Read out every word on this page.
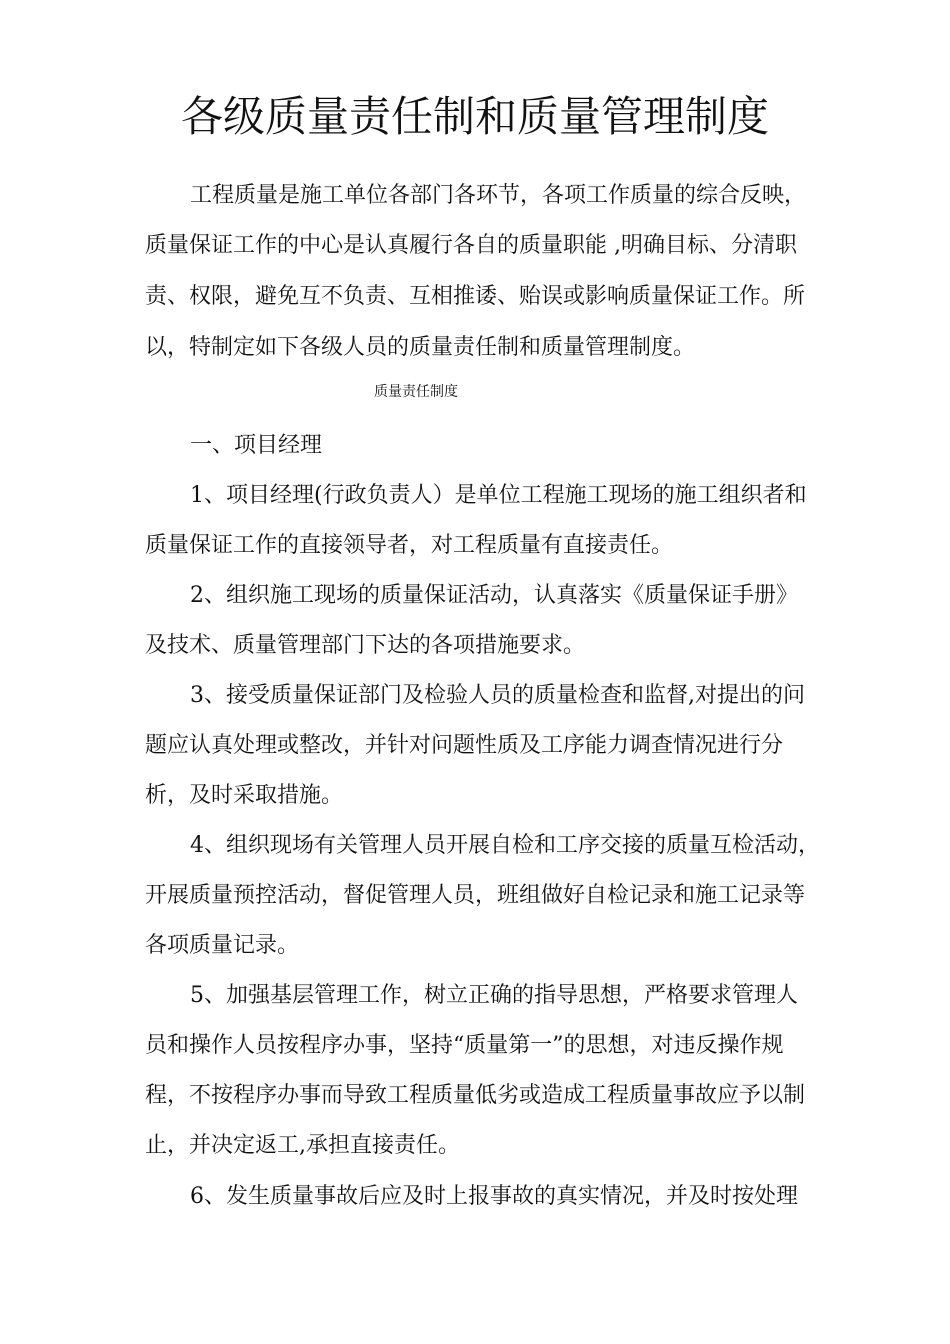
各级质量责任制和质量管理制度
工程质量是施工单位各部门各环节，各项工作质量的综合反映，
质量保证工作的中心是认真履行各自的质量职能 ,明确目标、分清职
责、权限，避免互不负责、互相推诿、贻误或影响质量保证工作。所
以，特制定如下各级人员的质量责任制和质量管理制度。
质量责任制度
一、项目经理
1、项目经理(行政负责人）是单位工程施工现场的施工组织者和
质量保证工作的直接领导者，对工程质量有直接责任。
2、组织施工现场的质量保证活动，认真落实《质量保证手册》
及技术、质量管理部门下达的各项措施要求。
3、接受质量保证部门及检验人员的质量检查和监督,对提出的问
题应认真处理或整改，并针对问题性质及工序能力调查情况进行分
析，及时采取措施。
4、组织现场有关管理人员开展自检和工序交接的质量互检活动，
开展质量预控活动，督促管理人员，班组做好自检记录和施工记录等
各项质量记录。
5、加强基层管理工作，树立正确的指导思想，严格要求管理人
员和操作人员按程序办事，坚持“质量第一”的思想，对违反操作规
程，不按程序办事而导致工程质量低劣或造成工程质量事故应予以制
止，并决定返工,承担直接责任。
6、发生质量事故后应及时上报事故的真实情况，并及时按处理
